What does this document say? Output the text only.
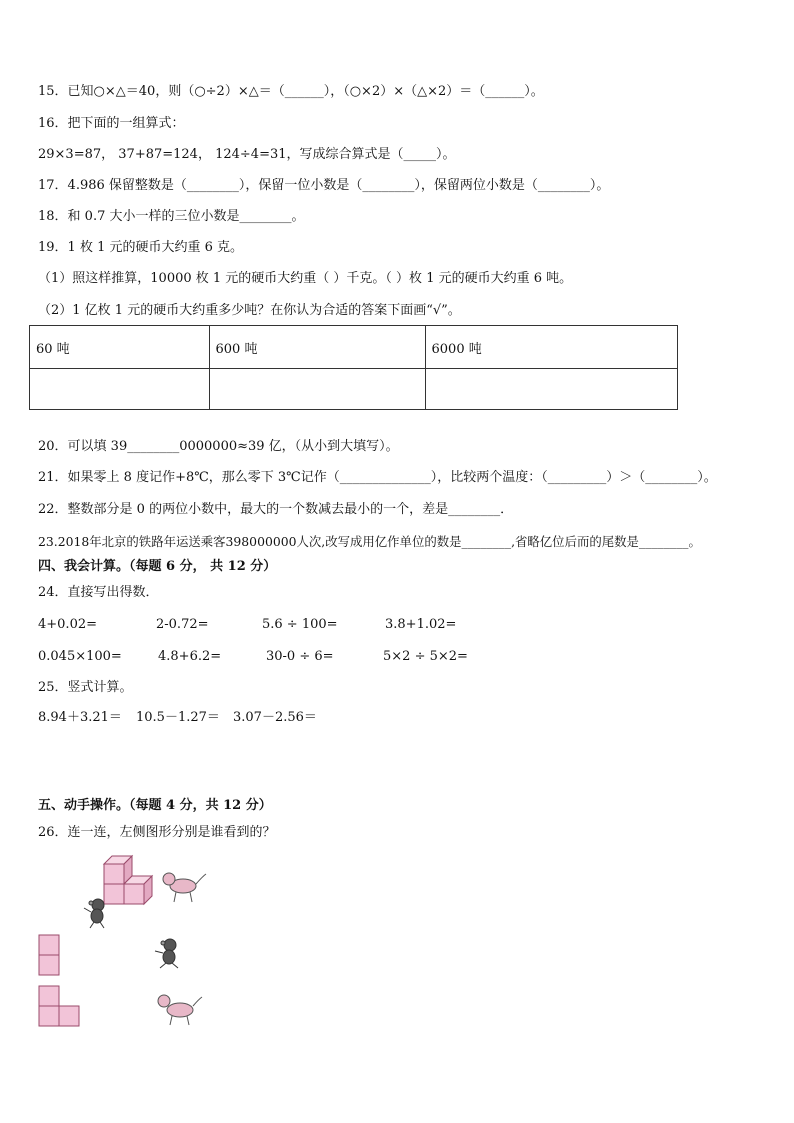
15．已知○×△＝40，则（○÷2）×△＝（______），（○×2）×（△×2）＝（______）。
16．把下面的一组算式：
29×3=87， 37+87=124， 124÷4=31，写成综合算式是（_____）。
17．4.986 保留整数是（________），保留一位小数是（________），保留两位小数是（________）。
18．和 0.7 大小一样的三位小数是________。
19．1 枚 1 元的硬币大约重 6 克。
（1）照这样推算，10000 枚 1 元的硬币大约重（ ）千克。（ ）枚 1 元的硬币大约重 6 吨。
（2）1 亿枚 1 元的硬币大约重多少吨？在你认为合适的答案下面画“√”。
60 吨	600 吨	6000 吨

20．可以填 39________0000000≈39 亿，（从小到大填写）。
21．如果零上 8 度记作+8℃，那么零下 3℃记作（______________），比较两个温度：（_________）＞（________）。
22．整数部分是 0 的两位小数中，最大的一个数减去最小的一个，差是________．
23.2018年北京的铁路年运送乘客398000000人次,改写成用亿作单位的数是________,省略亿位后而的尾数是________。
四、我会计算。（每题 6 分， 共 12 分）
24．直接写出得数．
4+0.02=	2-0.72=	5.6 ÷ 100=	3.8+1.02=
0.045×100=	4.8+6.2=	30-0 ÷ 6=	5×2 ÷ 5×2=
25．竖式计算。
8.94＋3.21＝ 10.5－1.27＝ 3.07－2.56＝
五、动手操作。（每题 4 分，共 12 分）
26．连一连，左侧图形分别是谁看到的？
